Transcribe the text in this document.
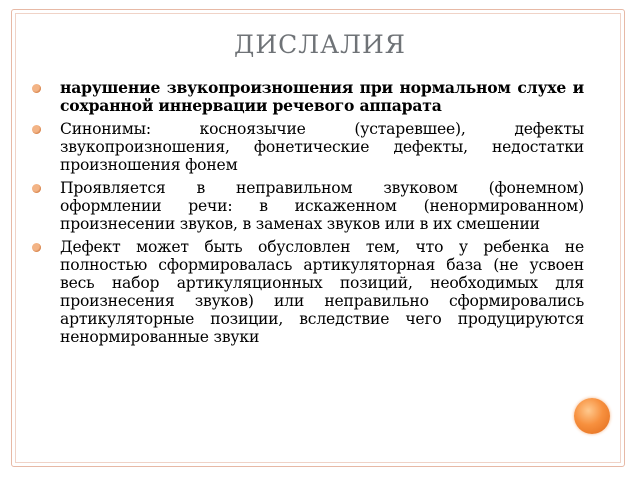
ДИСЛАЛИЯ
нарушение звукопроизношения при нормальном слухе и сохранной иннервации речевого аппарата
Синонимы: косноязычие (устаревшее), дефекты звукопроизношения, фонетические дефекты, недостатки произношения фонем
Проявляется в неправильном звуковом (фонемном) оформлении речи: в искаженном (ненормированном) произнесении звуков, в заменах звуков или в их смешении
Дефект может быть обусловлен тем, что у ребенка не полностью сформировалась артикуляторная база (не усвоен весь набор артикуляционных позиций, необходимых для произнесения звуков) или неправильно сформировались артикуляторные позиции, вследствие чего продуцируются ненормированные звуки
